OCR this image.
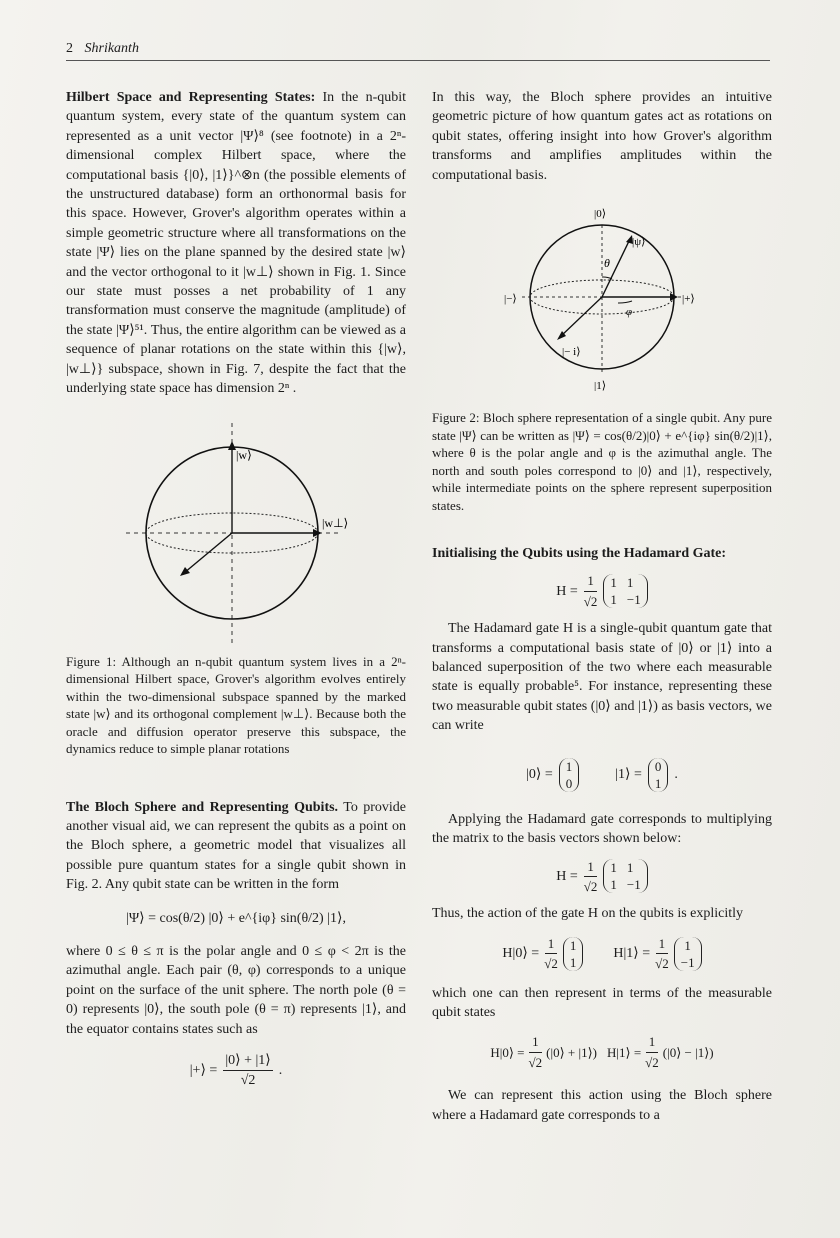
2 Shrikanth

Hilbert Space and Representing States: In the n-qubit quantum system, every state of the quantum system can represented as a unit vector |Ψ⟩⁸ (see footnote) in a 2ⁿ-dimensional complex Hilbert space, where the computational basis {|0⟩, |1⟩}^⊗n (the possible elements of the unstructured database) form an orthonormal basis for this space. However, Grover's algorithm operates within a simple geometric structure where all transformations on the state |Ψ⟩ lies on the plane spanned by the desired state |w⟩ and the vector orthogonal to it |w⊥⟩ shown in Fig. 1. Since our state must posses a net probability of 1 any transformation must conserve the magnitude (amplitude) of the state |Ψ⟩⁵¹. Thus, the entire algorithm can be viewed as a sequence of planar rotations on the state within this {|w⟩, |w⊥⟩} subspace, shown in Fig. 7, despite the fact that the underlying state space has dimension 2ⁿ .

|w⟩
|w⊥⟩

Figure 1: Although an n-qubit quantum system lives in a 2ⁿ-dimensional Hilbert space, Grover's algorithm evolves entirely within the two-dimensional subspace spanned by the marked state |w⟩ and its orthogonal complement |w⊥⟩. Because both the oracle and diffusion operator preserve this subspace, the dynamics reduce to simple planar rotations

The Bloch Sphere and Representing Qubits. To provide another visual aid, we can represent the qubits as a point on the Bloch sphere, a geometric model that visualizes all possible pure quantum states for a single qubit shown in Fig. 2. Any qubit state can be written in the form

|Ψ⟩ = cos(θ/2) |0⟩ + e^{iφ} sin(θ/2) |1⟩,

where 0 ≤ θ ≤ π is the polar angle and 0 ≤ φ < 2π is the azimuthal angle. Each pair (θ, φ) corresponds to a unique point on the surface of the unit sphere. The north pole (θ = 0) represents |0⟩, the south pole (θ = π) represents |1⟩, and the equator contains states such as

|+⟩ = $\frac{|0⟩ + |1⟩}{√2}$ .

In this way, the Bloch sphere provides an intuitive geometric picture of how quantum gates act as rotations on qubit states, offering insight into how Grover's algorithm transforms and amplifies amplitudes within the computational basis.

|0⟩
|1⟩
|ψ⟩
θ
φ
|+⟩
|−⟩
|− i⟩

Figure 2: Bloch sphere representation of a single qubit. Any pure state |Ψ⟩ can be written as |Ψ⟩ = cos(θ/2)|0⟩ + e^{iφ} sin(θ/2)|1⟩, where θ is the polar angle and φ is the azimuthal angle. The north and south poles correspond to |0⟩ and |1⟩, respectively, while intermediate points on the sphere represent superposition states.

Initialising the Qubits using the Hadamard Gate:

$H = \frac{1}{√2} 1$ 1
1 −1

The Hadamard gate H is a single-qubit quantum gate that transforms a computational basis state of |0⟩ or |1⟩ into a balanced superposition of the two where each measurable state is equally probable⁵. For instance, representing these two measurable qubit states (|0⟩ and |1⟩) as basis vectors, we can write

|0⟩ =
1
0
|1⟩ =
0
1
.

Applying the Hadamard gate corresponds to multiplying the matrix to the basis vectors shown below:

$H = \frac{1}{√2} 1$ 1
1 −1

Thus, the action of the gate H on the qubits is explicitly

H|0⟩ = $\frac{1}{√2} 1$
1
H|1⟩ = $\frac{1}{√2} 1$
−1

which one can then represent in terms of the measurable qubit states

H|0⟩ = $\frac{1}{√2}$ (|0⟩ + |1⟩) H|1⟩ = $\frac{1}{√2}$ (|0⟩ − |1⟩)

We can represent this action using the Bloch sphere where a Hadamard gate corresponds to a
